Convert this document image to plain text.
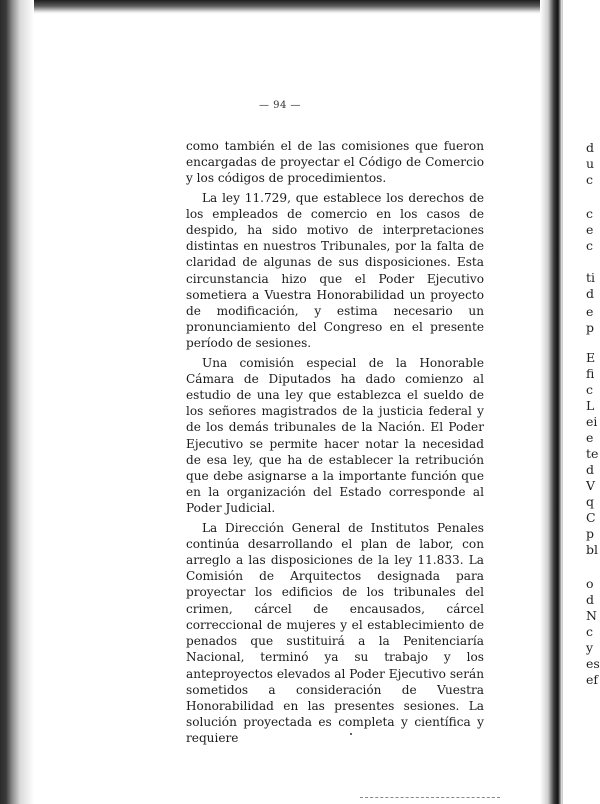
d
u
c
c
e
c
ti
d
e
p
E
fi
c
L
ei
e
te
d
V
q
C
p
bl
o
d
N
c
y
es
ef
— 94 —

como también el de las comisiones que fueron encargadas de proyectar el Código de Comercio y los códigos de procedimientos.

La ley 11.729, que establece los derechos de los empleados de comercio en los casos de despido, ha sido motivo de interpretaciones distintas en nuestros Tribunales, por la falta de claridad de algunas de sus disposiciones. Esta circunstancia hizo que el Poder Ejecutivo sometiera a Vuestra Honorabilidad un proyecto de modificación, y estima necesario un pronunciamiento del Congreso en el presente período de sesiones.

Una comisión especial de la Honorable Cámara de Diputados ha dado comienzo al estudio de una ley que establezca el sueldo de los señores magistrados de la justicia federal y de los demás tribunales de la Nación. El Poder Ejecutivo se permite hacer notar la necesidad de esa ley, que ha de establecer la retribución que debe asignarse a la importante función que en la organización del Estado corresponde al Poder Judicial.

La Dirección General de Institutos Penales continúa desarrollando el plan de labor, con arreglo a las disposiciones de la ley 11.833. La Comisión de Arquitectos designada para proyectar los edificios de los tribunales del crimen, cárcel de encausados, cárcel correccional de mujeres y el establecimiento de penados que sustituirá a la Penitenciaría Nacional, terminó ya su trabajo y los anteproyectos elevados al Poder Ejecutivo serán sometidos a consideración de Vuestra Honorabilidad en las presentes sesiones. La solución proyectada es completa y científica y requiere
